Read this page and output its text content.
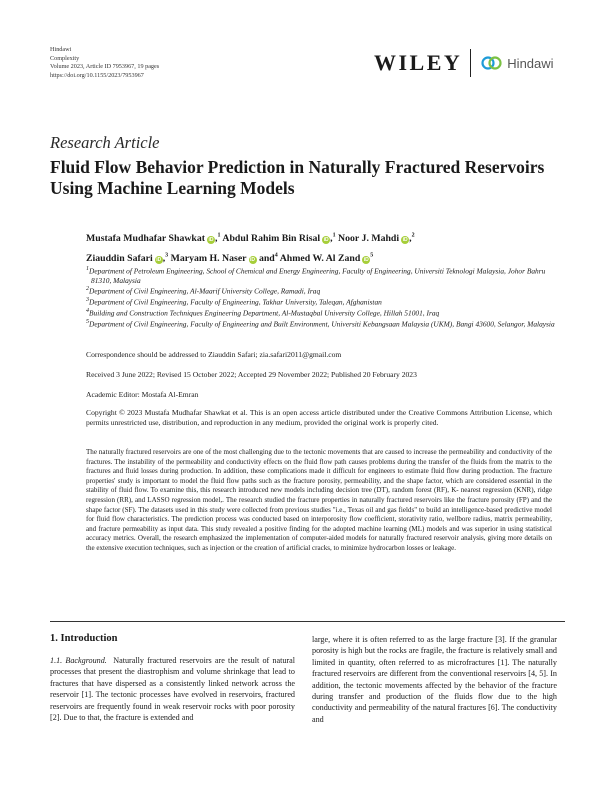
Hindawi
Complexity
Volume 2023, Article ID 7953967, 19 pages
https://doi.org/10.1155/2023/7953967
WILEY	Hindawi
Research Article
Fluid Flow Behavior Prediction in Naturally Fractured Reservoirs Using Machine Learning Models
Mustafa Mudhafar Shawkat iD ,$^1$ Abdul Rahim Bin Risal iD ,$^1$ Noor J. Mahdi iD ,$^2$
Ziauddin Safari iD ,$^3$ Maryam H. Naser iD and$^4$ Ahmed W. Al Zand $iD^5$
$^1$Department of Petroleum Engineering, School of Chemical and Energy Engineering, Faculty of Engineering, Universiti Teknologi Malaysia, Johor Bahru 81310, Malaysia
$^2$Department of Civil Engineering, Al-Maarif University College, Ramadi, Iraq
$^3$Department of Civil Engineering, Faculty of Engineering, Takhar University, Taleqan, Afghanistan
$^4$Building and Construction Techniques Engineering Department, Al-Mustaqbal University College, Hillah 51001, Iraq
$^5$Department of Civil Engineering, Faculty of Engineering and Built Environment, Universiti Kebangsaan Malaysia (UKM), Bangi 43600, Selangor, Malaysia
Correspondence should be addressed to Ziauddin Safari; zia.safari2011@gmail.com
Received 3 June 2022; Revised 15 October 2022; Accepted 29 November 2022; Published 20 February 2023
Academic Editor: Mostafa Al-Emran
Copyright © 2023 Mustafa Mudhafar Shawkat et al. This is an open access article distributed under the Creative Commons Attribution License, which permits unrestricted use, distribution, and reproduction in any medium, provided the original work is properly cited.
The naturally fractured reservoirs are one of the most challenging due to the tectonic movements that are caused to increase the permeability and conductivity of the fractures. The instability of the permeability and conductivity effects on the fluid flow path causes problems during the transfer of the fluids from the matrix to the fractures and fluid losses during production. In addition, these complications made it difficult for engineers to estimate fluid flow during production. The fracture properties' study is important to model the fluid flow paths such as the fracture porosity, permeability, and the shape factor, which are considered essential in the stability of fluid flow. To examine this, this research introduced new models including decision tree (DT), random forest (RF), K- nearest regression (KNR), ridge regression (RR), and LASSO regression model,. The research studied the fracture properties in naturally fractured reservoirs like the fracture porosity (FP) and the shape factor (SF). The datasets used in this study were collected from previous studies "i.e., Texas oil and gas fields" to build an intelligence-based predictive model for fluid flow characteristics. The prediction process was conducted based on interporosity flow coefficient, storativity ratio, wellbore radius, matrix permeability, and fracture permeability as input data. This study revealed a positive finding for the adopted machine learning (ML) models and was superior in using statistical accuracy metrics. Overall, the research emphasized the implementation of computer-aided models for naturally fractured reservoir analysis, giving more details on the extensive execution techniques, such as injection or the creation of artificial cracks, to minimize hydrocarbon losses or leakage.
1. Introduction

1.1. Background. Naturally fractured reservoirs are the result of natural processes that present the diastrophism and volume shrinkage that lead to fractures that have dispersed as a consistently linked network across the reservoir [1]. The tectonic processes have evolved in reservoirs, fractured reservoirs are frequently found in weak reservoir rocks with poor porosity [2]. Due to that, the fracture is extended and

large, where it is often referred to as the large fracture [3]. If the granular porosity is high but the rocks are fragile, the fracture is relatively small and limited in quantity, often referred to as microfractures [1]. The naturally fractured reservoirs are different from the conventional reservoirs [4, 5]. In addition, the tectonic movements affected by the behavior of the fracture during transfer and production of the fluids flow due to the high conductivity and permeability of the natural fractures [6]. The conductivity and
